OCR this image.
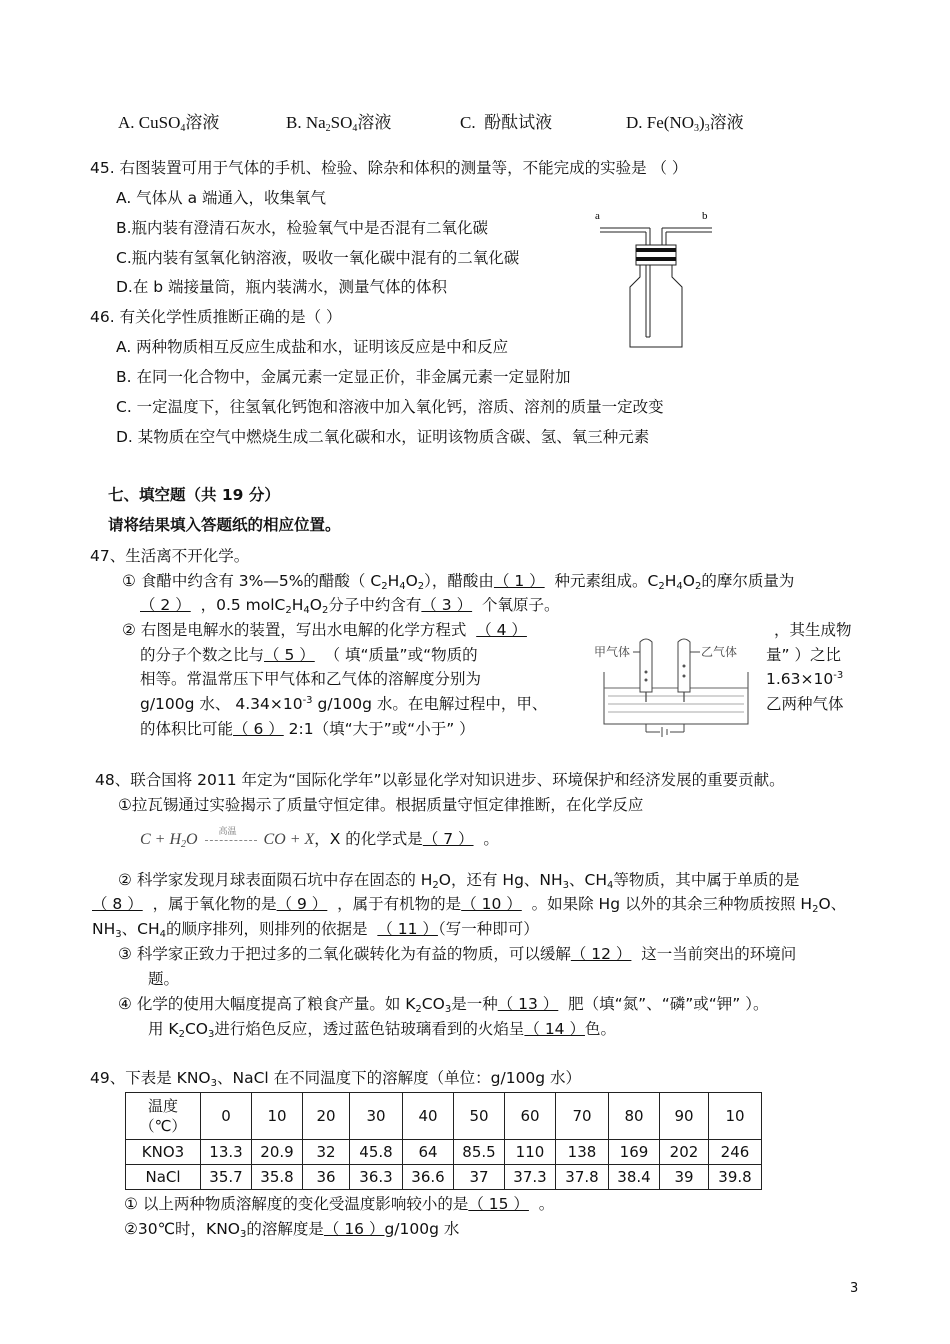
A. CuSO$_4$溶液	B. $Na_2SO_4$溶液	C. 酚酞试液	D. $Fe(NO_3)_3$溶液
45. 右图装置可用于气体的手机、检验、除杂和体积的测量等，不能完成的实验是 （ ）
A. 气体从 a 端通入，收集氧气
B.瓶内装有澄清石灰水，检验氧气中是否混有二氧化碳
C.瓶内装有氢氧化钠溶液，吸收一氧化碳中混有的二氧化碳
D.在 b 端接量筒，瓶内装满水，测量气体的体积
a	b
46. 有关化学性质推断正确的是（ ）
A. 两种物质相互反应生成盐和水，证明该反应是中和反应
B. 在同一化合物中，金属元素一定显正价，非金属元素一定显附加
C. 一定温度下，往氢氧化钙饱和溶液中加入氧化钙，溶质、溶剂的质量一定改变
D. 某物质在空气中燃烧生成二氧化碳和水，证明该物质含碳、氢、氧三种元素
七、填空题（共 19 分）
请将结果填入答题纸的相应位置。
47、生活离不开化学。
① 食醋中约含有 3%—5%的醋酸（ $C_2H_4O_2$），醋酸由（ 1 ） 种元素组成。$C_2H_4O_2$的摩尔质量为
（ 2 ） ，0.5 $molC_2H_4O_2$分子中约含有（ 3 ） 个氧原子。
② 右图是电解水的装置，写出水电解的化学方程式 （ 4 ）	，其生成物
的分子个数之比与（ 5 ） （ 填“质量”或“物质的	量” ）之比
相等。常温常压下甲气体和乙气体的溶解度分别为	$1.63\times 10^{-3}$
g/100g 水、 $4.34\times 10^{-3}$ g/100g 水。在电解过程中，甲、	乙两种气体
的体积比可能（ 6 ） 2:1（填“大于”或“小于” ）
甲气体	乙气体
48、联合国将 2011 年定为“国际化学年”以彰显化学对知识进步、环境保护和经济发展的重要贡献。
①拉瓦锡通过实验揭示了质量守恒定律。根据质量守恒定律推断，在化学反应
$C + H_2O$ 高温 CO + X，X 的化学式是（ 7 ） 。
② 科学家发现月球表面陨石坑中存在固态的 $H_2O$，还有 Hg、$NH_3$、$CH_4$等物质，其中属于单质的是
（ 8 ） ，属于氧化物的是（ 9 ） ，属于有机物的是（ 10 ） 。如果除 Hg 以外的其余三种物质按照 $H_2O$、
$NH_3$、$CH_4$的顺序排列，则排列的依据是 （ 11 ）（写一种即可）
③ 科学家正致力于把过多的二氧化碳转化为有益的物质，可以缓解（ 12 ） 这一当前突出的环境问
题。
④ 化学的使用大幅度提高了粮食产量。如 $K_2CO_3$是一种（ 13 ） 肥（填“氮”、“磷”或“钾” ）。
用 $K_2CO_3$进行焰色反应，透过蓝色钴玻璃看到的火焰呈（ 14 ）色。
49、下表是 $KNO_3$、NaCl 在不同温度下的溶解度（单位：g/100g 水）
温度
（℃）	0	10	20	30	40	50	60	70	80	90	10
KNO3	13.3	20.9	32	45.8	64	85.5	110	138	169	202	246
NaCl	35.7	35.8	36	36.3	36.6	37	37.3	37.8	38.4	39	39.8
① 以上两种物质溶解度的变化受温度影响较小的是（ 15 ） 。
②30℃时，$KNO_3$的溶解度是（ 16 ）g/100g 水
3
